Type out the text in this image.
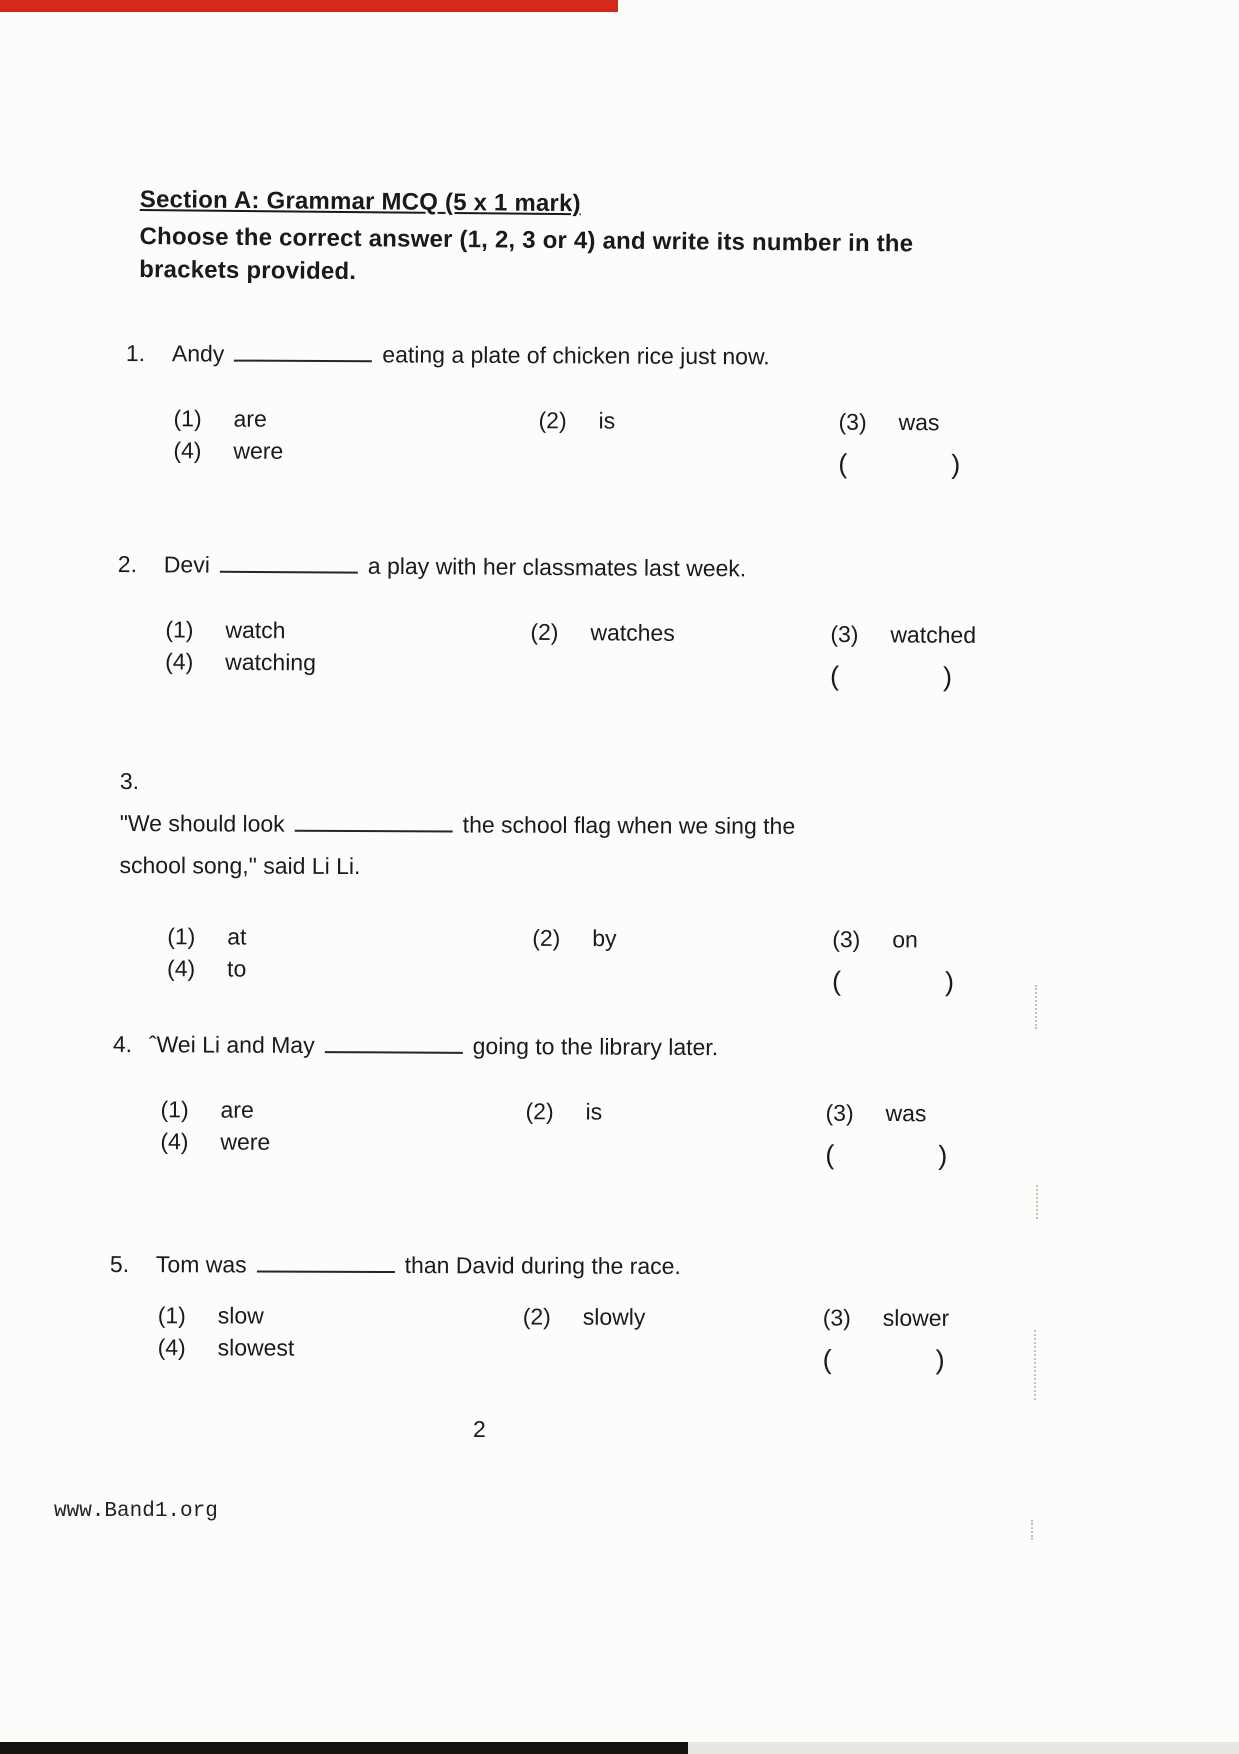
Section A: Grammar MCQ (5 x 1 mark)
Choose the correct answer (1, 2, 3 or 4) and write its number in the
brackets provided.
1. Andy	eating a plate of chicken rice just now.
(1) are	(2) is	(3) was
(4) were	(	)
2. Devi	a play with her classmates last week.
(1) watch	(2) watches	(3) watched
(4) watching	(	)
3."We should look	the school flag when we sing the school song," said Li Li.
(1) at	(2) by	(3) on
(4) to	(	)
4. ˆWei Li and May	going to the library later.
(1) are	(2) is	(3) was
(4) were	(	)
5. Tom was	than David during the race.
(1) slow	(2) slowly	(3) slower
(4) slowest	(	)
2
www.Band1.org
